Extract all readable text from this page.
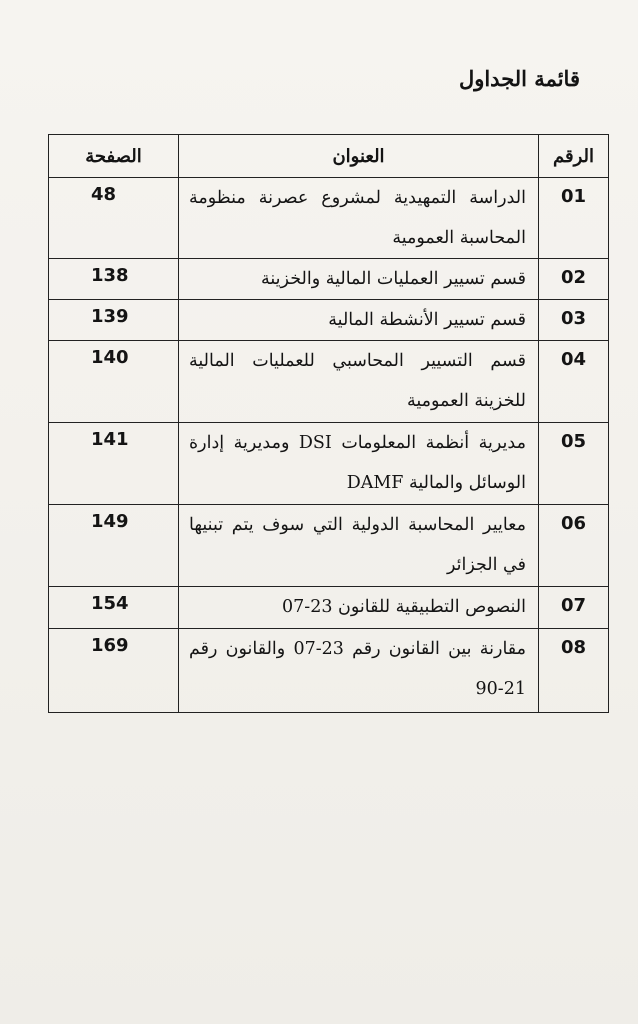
قائمة الجداول
الرقم	العنوان	الصفحة
01	الدراسة التمهيدية لمشروع عصرنة منظومة المحاسبة العمومية	48
02	قسم تسيير العمليات المالية والخزينة	138
03	قسم تسيير الأنشطة المالية	139
04	قسم التسيير المحاسبي للعمليات المالية للخزينة العمومية	140
05	مديرية أنظمة المعلومات DSI ومديرية إدارة الوسائل والمالية DAMF	141
06	معايير المحاسبة الدولية التي سوف يتم تبنيها في الجزائر	149
07	النصوص التطبيقية للقانون 23-07	154
08	مقارنة بين القانون رقم 23-07 والقانون رقم 21-90	169
